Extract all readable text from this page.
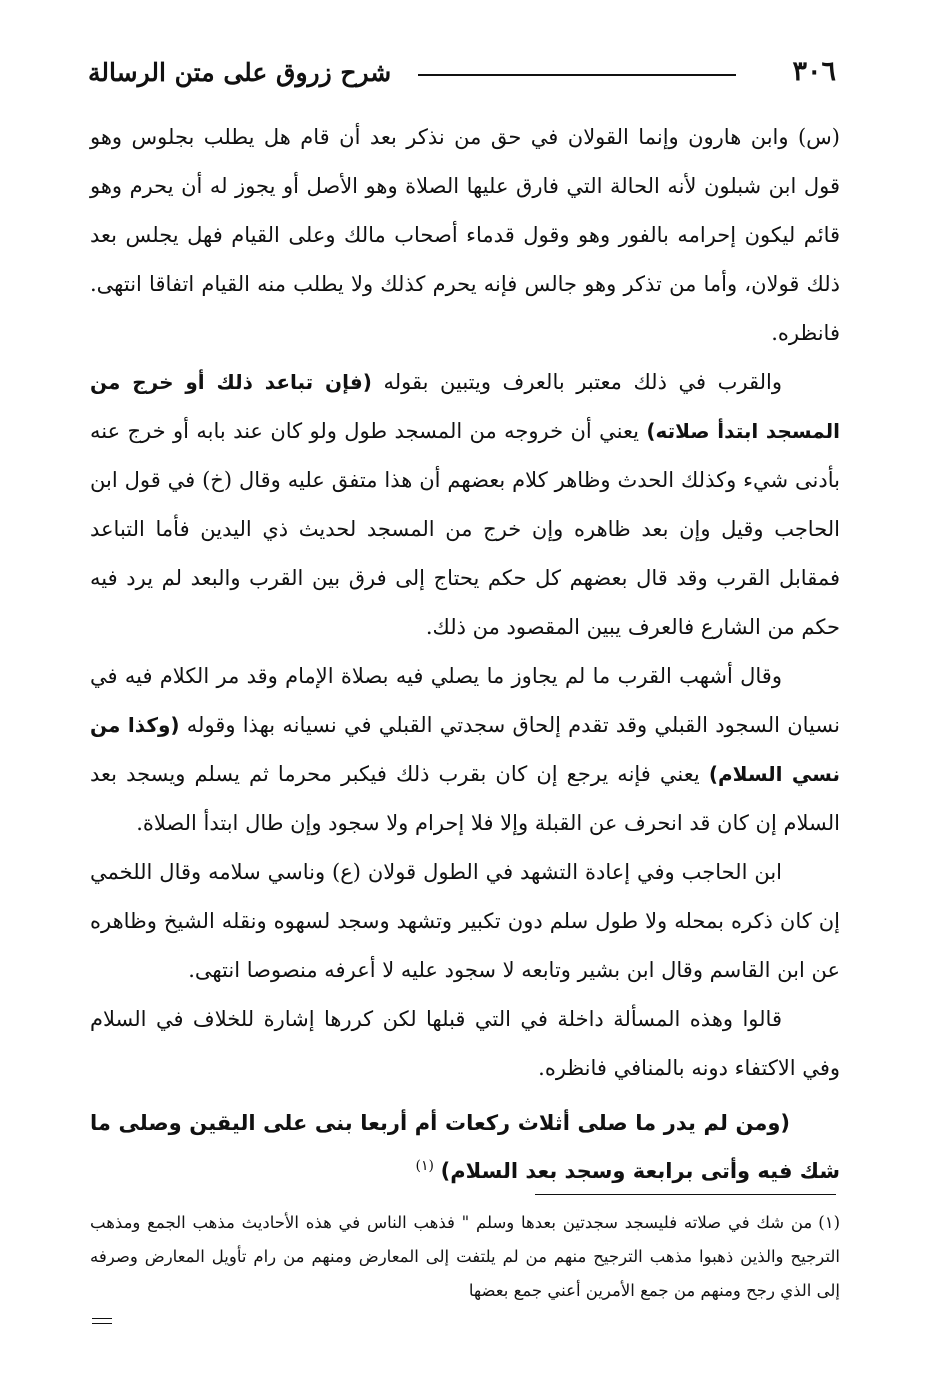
٣٠٦
شرح زروق على متن الرسالة

(س) وابن هارون وإنما القولان في حق من نذكر بعد أن قام هل يطلب بجلوس وهو قول ابن شبلون لأنه الحالة التي فارق عليها الصلاة وهو الأصل أو يجوز له أن يحرم وهو قائم ليكون إحرامه بالفور وهو وقول قدماء أصحاب مالك وعلى القيام فهل يجلس بعد ذلك قولان، وأما من تذكر وهو جالس فإنه يحرم كذلك ولا يطلب منه القيام اتفاقا انتهى. فانظره.

والقرب في ذلك معتبر بالعرف ويتبين بقوله (فإن تباعد ذلك أو خرج من المسجد ابتدأ صلاته) يعني أن خروجه من المسجد طول ولو كان عند بابه أو خرج عنه بأدنى شيء وكذلك الحدث وظاهر كلام بعضهم أن هذا متفق عليه وقال (خ) في قول ابن الحاجب وقيل وإن بعد ظاهره وإن خرج من المسجد لحديث ذي اليدين فأما التباعد فمقابل القرب وقد قال بعضهم كل حكم يحتاج إلى فرق بين القرب والبعد لم يرد فيه حكم من الشارع فالعرف يبين المقصود من ذلك.

وقال أشهب القرب ما لم يجاوز ما يصلي فيه بصلاة الإمام وقد مر الكلام فيه في نسيان السجود القبلي وقد تقدم إلحاق سجدتي القبلي في نسيانه بهذا وقوله (وكذا من نسي السلام) يعني فإنه يرجع إن كان بقرب ذلك فيكبر محرما ثم يسلم ويسجد بعد السلام إن كان قد انحرف عن القبلة وإلا فلا إحرام ولا سجود وإن طال ابتدأ الصلاة.

ابن الحاجب وفي إعادة التشهد في الطول قولان (ع) وناسي سلامه وقال اللخمي إن كان ذكره بمحله ولا طول سلم دون تكبير وتشهد وسجد لسهوه ونقله الشيخ وظاهره عن ابن القاسم وقال ابن بشير وتابعه لا سجود عليه لا أعرفه منصوصا انتهى.

قالوا وهذه المسألة داخلة في التي قبلها لكن كررها إشارة للخلاف في السلام وفي الاكتفاء دونه بالمنافي فانظره.

(ومن لم يدر ما صلى أثلاث ركعات أم أربعا بنى على اليقين وصلى ما شك فيه وأتى برابعة وسجد بعد السلام) $^{(١)}$

(١)من شك في صلاته فليسجد سجدتين بعدها وسلم " فذهب الناس في هذه الأحاديث مذهب الجمع ومذهب الترجيح والذين ذهبوا مذهب الترجيح منهم من لم يلتفت إلى المعارض ومنهم من رام تأويل المعارض وصرفه إلى الذي رجح ومنهم من جمع الأمرين أعني جمع بعضها
